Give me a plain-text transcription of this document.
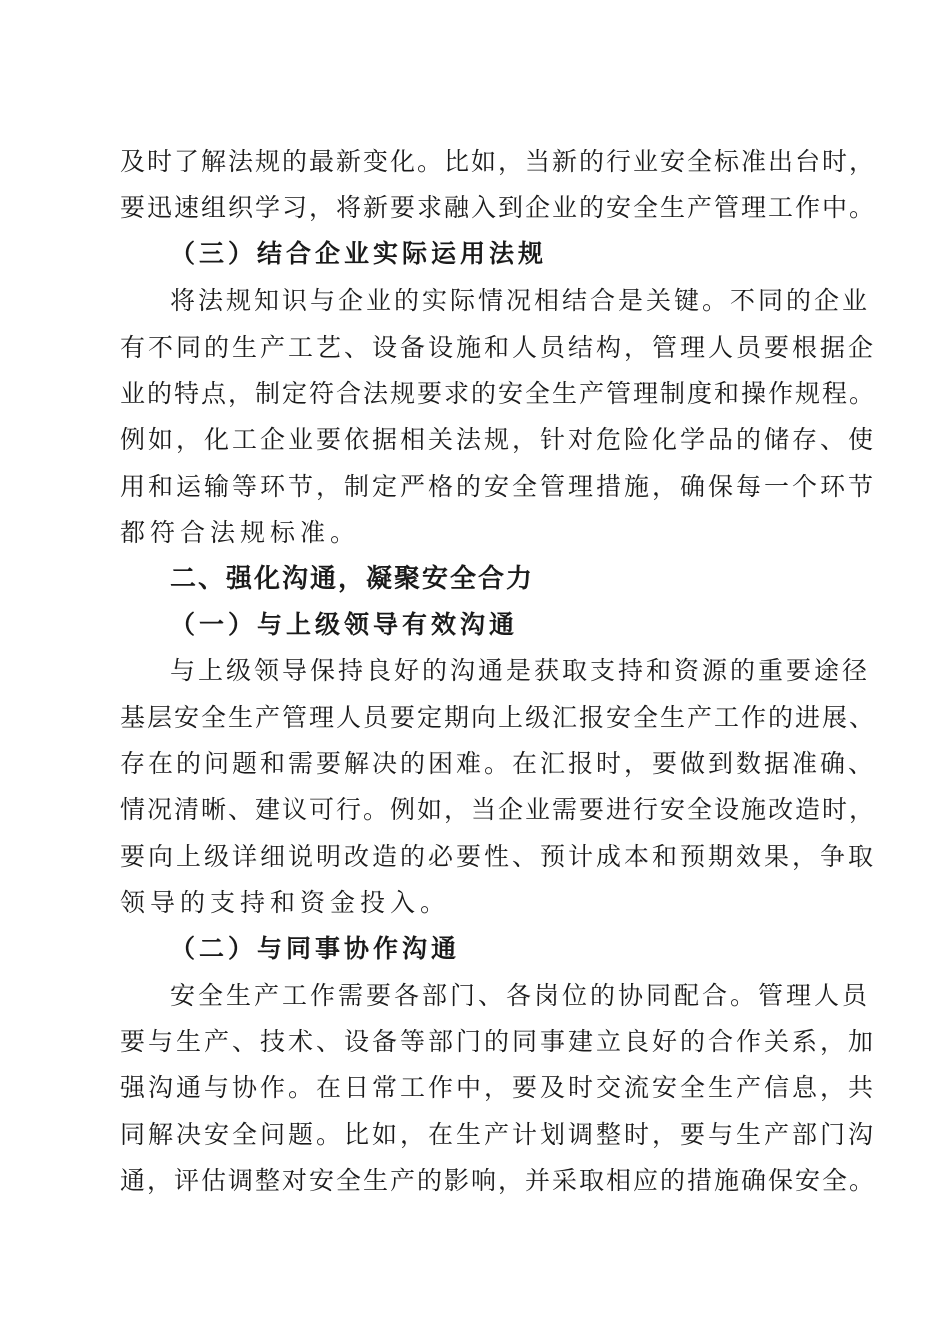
及时了解法规的最新变化。比如，当新的行业安全标准出台时，
要迅速组织学习，将新要求融入到企业的安全生产管理工作中。
（三）结合企业实际运用法规
将法规知识与企业的实际情况相结合是关键。不同的企业
有不同的生产工艺、设备设施和人员结构，管理人员要根据企
业的特点，制定符合法规要求的安全生产管理制度和操作规程。
例如，化工企业要依据相关法规，针对危险化学品的储存、使
用和运输等环节，制定严格的安全管理措施，确保每一个环节
都符合法规标准。
二、强化沟通，凝聚安全合力
（一）与上级领导有效沟通
与上级领导保持良好的沟通是获取支持和资源的重要途径
基层安全生产管理人员要定期向上级汇报安全生产工作的进展、
存在的问题和需要解决的困难。在汇报时，要做到数据准确、
情况清晰、建议可行。例如，当企业需要进行安全设施改造时，
要向上级详细说明改造的必要性、预计成本和预期效果，争取
领导的支持和资金投入。
（二）与同事协作沟通
安全生产工作需要各部门、各岗位的协同配合。管理人员
要与生产、技术、设备等部门的同事建立良好的合作关系，加
强沟通与协作。在日常工作中，要及时交流安全生产信息，共
同解决安全问题。比如，在生产计划调整时，要与生产部门沟
通，评估调整对安全生产的影响，并采取相应的措施确保安全。
